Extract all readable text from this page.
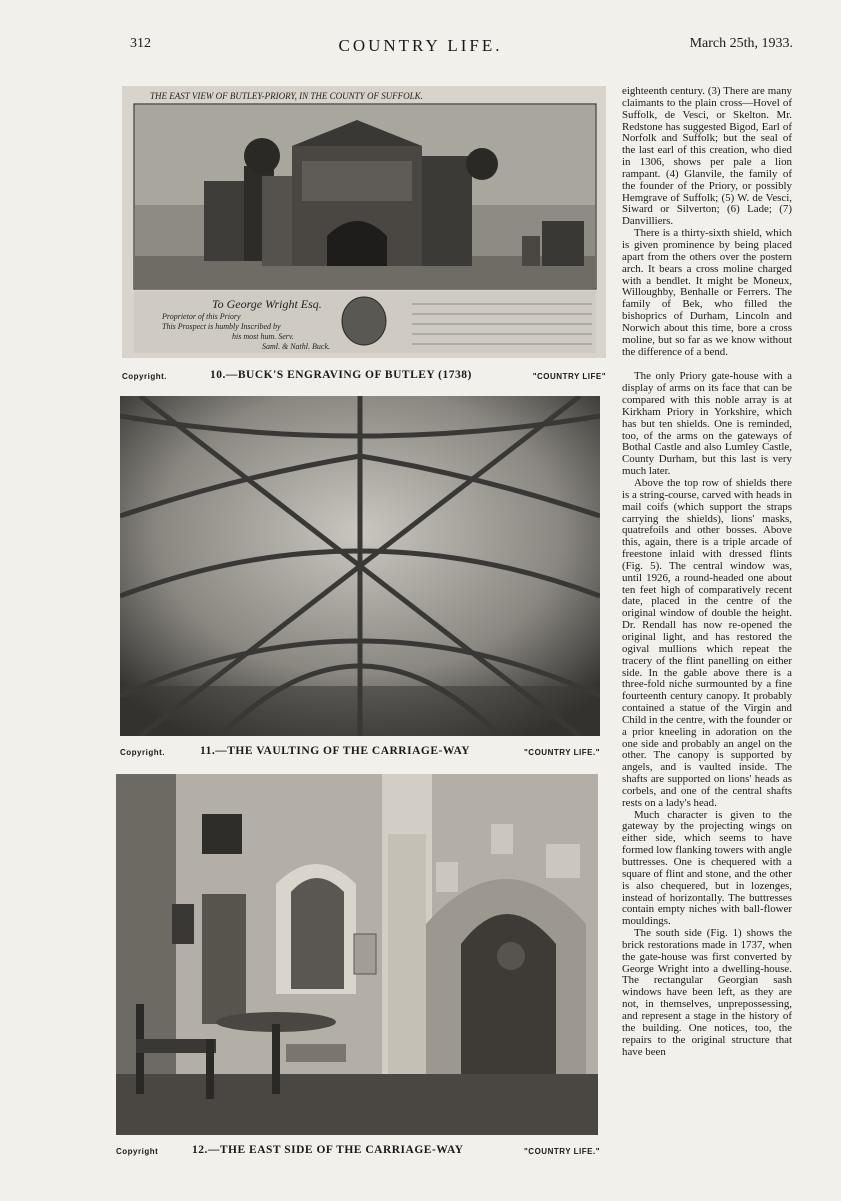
312	COUNTRY LIFE.	March 25th, 1933.
THE EAST VIEW OF BUTLEY-PRIORY, IN THE COUNTY OF SUFFOLK.
To George Wright Esq.
Proprietor of this Priory
This Prospect is humbly Inscribed by
his most hum. Serv.
Saml. & Nathl. Buck.
Copyright.	10.—BUCK'S ENGRAVING OF BUTLEY (1738)	"COUNTRY LIFE"
Copyright.	11.—THE VAULTING OF THE CARRIAGE-WAY	"COUNTRY LIFE."
Copyright	12.—THE EAST SIDE OF THE CARRIAGE-WAY	"COUNTRY LIFE."

eighteenth century. (3) There are many claimants to the plain cross—Hovel of Suffolk, de Vesci, or Skelton. Mr. Redstone has suggested Bigod, Earl of Norfolk and Suffolk; but the seal of the last earl of this creation, who died in 1306, shows per pale a lion rampant. (4) Glanvile, the family of the founder of the Priory, or possibly Hemgrave of Suffolk; (5) W. de Vesci, Siward or Silverton; (6) Lade; (7) Danvilliers.

There is a thirty-sixth shield, which is given prominence by being placed apart from the others over the postern arch. It bears a cross moline charged with a bendlet. It might be Moneux, Willoughby, Benhalle or Ferrers. The family of Bek, who filled the bishoprics of Durham, Lincoln and Norwich about this time, bore a cross moline, but so far as we know without the difference of a bend.

The only Priory gate-house with a display of arms on its face that can be compared with this noble array is at Kirkham Priory in Yorkshire, which has but ten shields. One is reminded, too, of the arms on the gateways of Bothal Castle and also Lumley Castle, County Durham, but this last is very much later.

Above the top row of shields there is a string-course, carved with heads in mail coifs (which support the straps carrying the shields), lions' masks, quatrefoils and other bosses. Above this, again, there is a triple arcade of freestone inlaid with dressed flints (Fig. 5). The central window was, until 1926, a round-headed one about ten feet high of comparatively recent date, placed in the centre of the original window of double the height. Dr. Rendall has now re-opened the original light, and has restored the ogival mullions which repeat the tracery of the flint panelling on either side. In the gable above there is a three-fold niche surmounted by a fine fourteenth century canopy. It probably contained a statue of the Virgin and Child in the centre, with the founder or a prior kneeling in adoration on the one side and probably an angel on the other. The canopy is supported by angels, and is vaulted inside. The shafts are supported on lions' heads as corbels, and one of the central shafts rests on a lady's head.

Much character is given to the gateway by the projecting wings on either side, which seems to have formed low flanking towers with angle buttresses. One is chequered with a square of flint and stone, and the other is also chequered, but in lozenges, instead of horizontally. The buttresses contain empty niches with ball-flower mouldings.

The south side (Fig. 1) shows the brick restorations made in 1737, when the gate-house was first converted by George Wright into a dwelling-house. The rectangular Georgian sash windows have been left, as they are not, in themselves, unprepossessing, and represent a stage in the history of the building. One notices, too, the repairs to the original structure that have been
